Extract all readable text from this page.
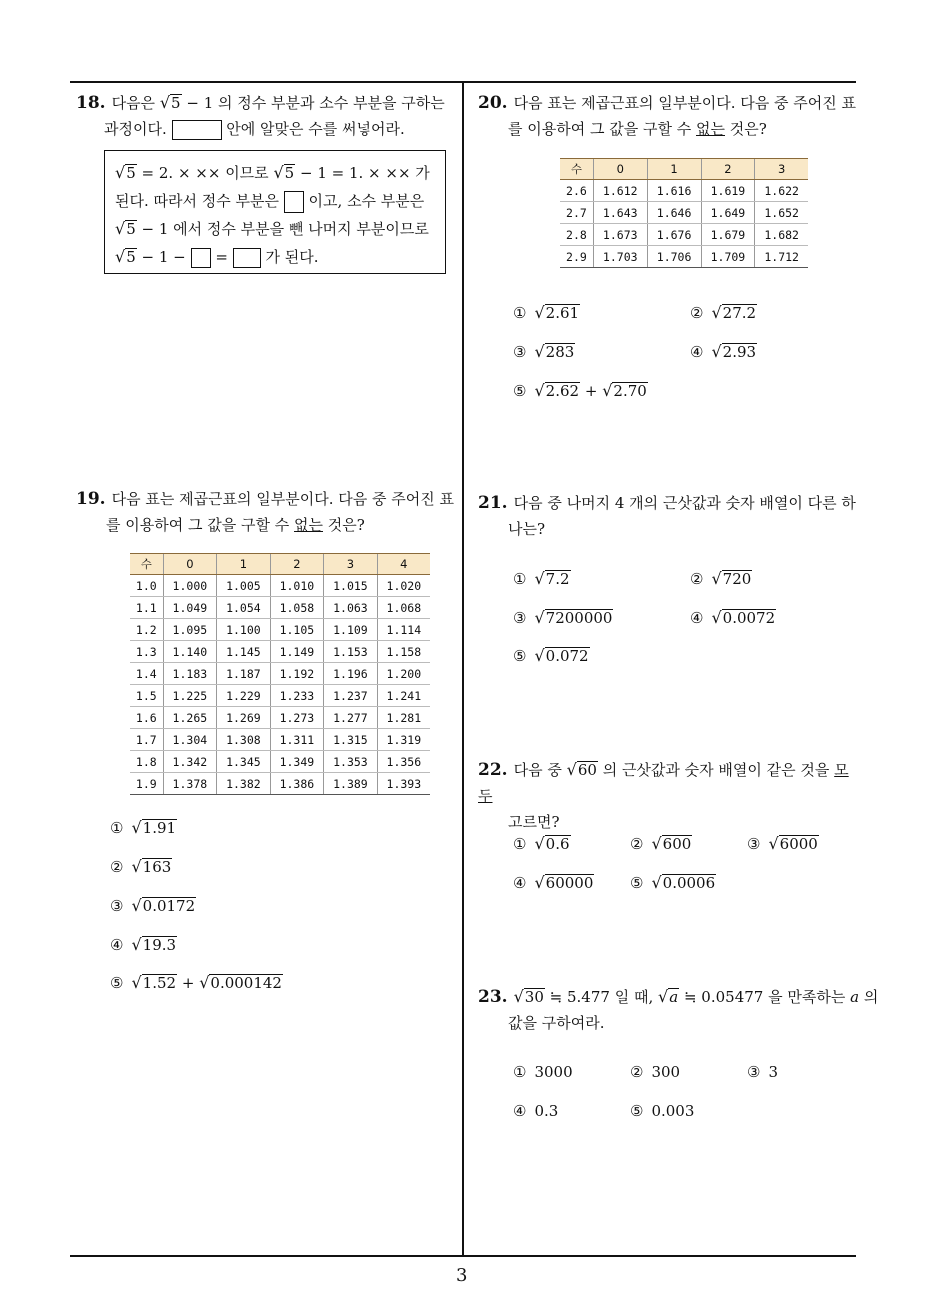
18. 다음은 √5 − 1 의 정수 부분과 소수 부분을 구하는
과정이다.	안에 알맞은 수를 써넣어라.
√5 = 2. × ×× 이므로 √5 − 1 = 1. × ×× 가
된다. 따라서 정수 부분은 이고, 소수 부분은
√5 − 1 에서 정수 부분을 뺀 나머지 부분이므로
√5 − 1 − =	가 된다.
20. 다음 표는 제곱근표의 일부분이다. 다음 중 주어진 표
를 이용하여 그 값을 구할 수 없는 것은?
수	0	1	2	3
2.6	1.612	1.616	1.619	1.622
2.7	1.643	1.646	1.649	1.652
2.8	1.673	1.676	1.679	1.682
2.9	1.703	1.706	1.709	1.712
① √2.61	② √27.2
③ √283	④ √2.93
⑤ √2.62 + √2.70
19. 다음 표는 제곱근표의 일부분이다. 다음 중 주어진 표
를 이용하여 그 값을 구할 수 없는 것은?
수	0	1	2	3	4
1.0	1.000	1.005	1.010	1.015	1.020
1.1	1.049	1.054	1.058	1.063	1.068
1.2	1.095	1.100	1.105	1.109	1.114
1.3	1.140	1.145	1.149	1.153	1.158
1.4	1.183	1.187	1.192	1.196	1.200
1.5	1.225	1.229	1.233	1.237	1.241
1.6	1.265	1.269	1.273	1.277	1.281
1.7	1.304	1.308	1.311	1.315	1.319
1.8	1.342	1.345	1.349	1.353	1.356
1.9	1.378	1.382	1.386	1.389	1.393
① √1.91
② √163
③ √0.0172
④ √19.3
⑤ √1.52 + √0.000142
21. 다음 중 나머지 4 개의 근삿값과 숫자 배열이 다른 하
나는?
① √7.2	② √720
③ √7200000	④ √0.0072
⑤ √0.072
22. 다음 중 √60 의 근삿값과 숫자 배열이 같은 것을 모두
고르면?
① √0.6	② √600	③ √6000
④ √60000 ⑤ √0.0006
23. √30 ≒ 5.477 일 때, √a ≒ 0.05477 을 만족하는 a 의
값을 구하여라.
① 3000	② 300	③ 3
④ 0.3	⑤ 0.003
3
